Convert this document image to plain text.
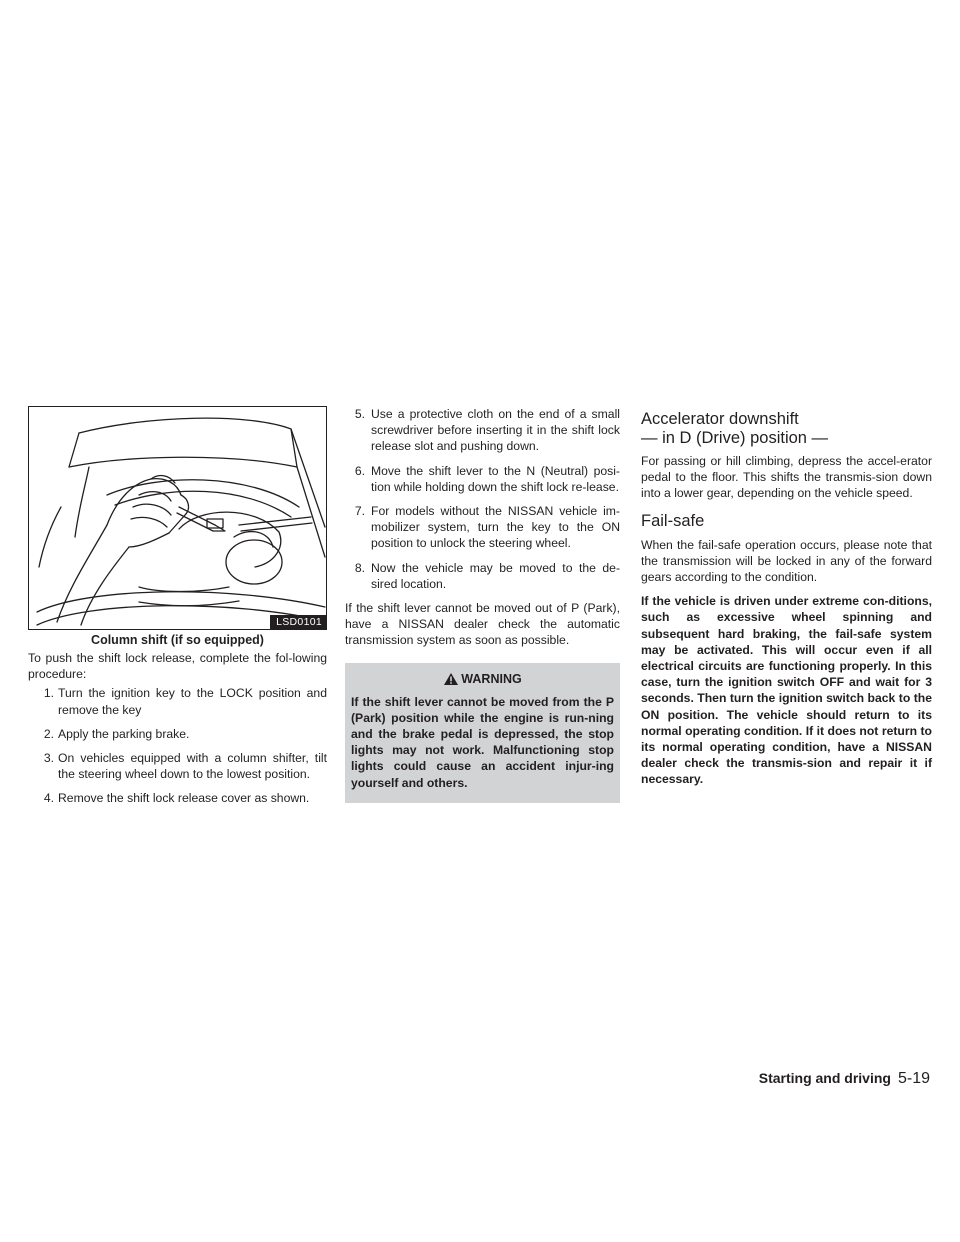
LSD0101
Column shift (if so equipped)

To push the shift lock release, complete the fol-lowing procedure:

1. Turn the ignition key to the LOCK position and remove the key
2. Apply the parking brake.
3. On vehicles equipped with a column shifter, tilt the steering wheel down to the lowest position.
4. Remove the shift lock release cover as shown.
5. Use a protective cloth on the end of a small screwdriver before inserting it in the shift lock release slot and pushing down.
6. Move the shift lever to the N (Neutral) posi-tion while holding down the shift lock re-lease.
7. For models without the NISSAN vehicle im-mobilizer system, turn the key to the ON position to unlock the steering wheel.
8. Now the vehicle may be moved to the de-sired location.

If the shift lever cannot be moved out of P (Park), have a NISSAN dealer check the automatic transmission system as soon as possible.

WARNING
If the shift lever cannot be moved from the P (Park) position while the engine is run-ning and the brake pedal is depressed, the stop lights may not work. Malfunctioning stop lights could cause an accident injur-ing yourself and others.
Accelerator downshift
— in D (Drive) position —

For passing or hill climbing, depress the accel-erator pedal to the floor. This shifts the transmis-sion down into a lower gear, depending on the vehicle speed.

Fail-safe

When the fail-safe operation occurs, please note that the transmission will be locked in any of the forward gears according to the condition.

If the vehicle is driven under extreme con-ditions, such as excessive wheel spinning and subsequent hard braking, the fail-safe system may be activated. This will occur even if all electrical circuits are functioning properly. In this case, turn the ignition switch OFF and wait for 3 seconds. Then turn the ignition switch back to the ON position. The vehicle should return to its normal operating condition. If it does not return to its normal operating condition, have a NISSAN dealer check the transmis-sion and repair it if necessary.

Starting and driving 5-19
